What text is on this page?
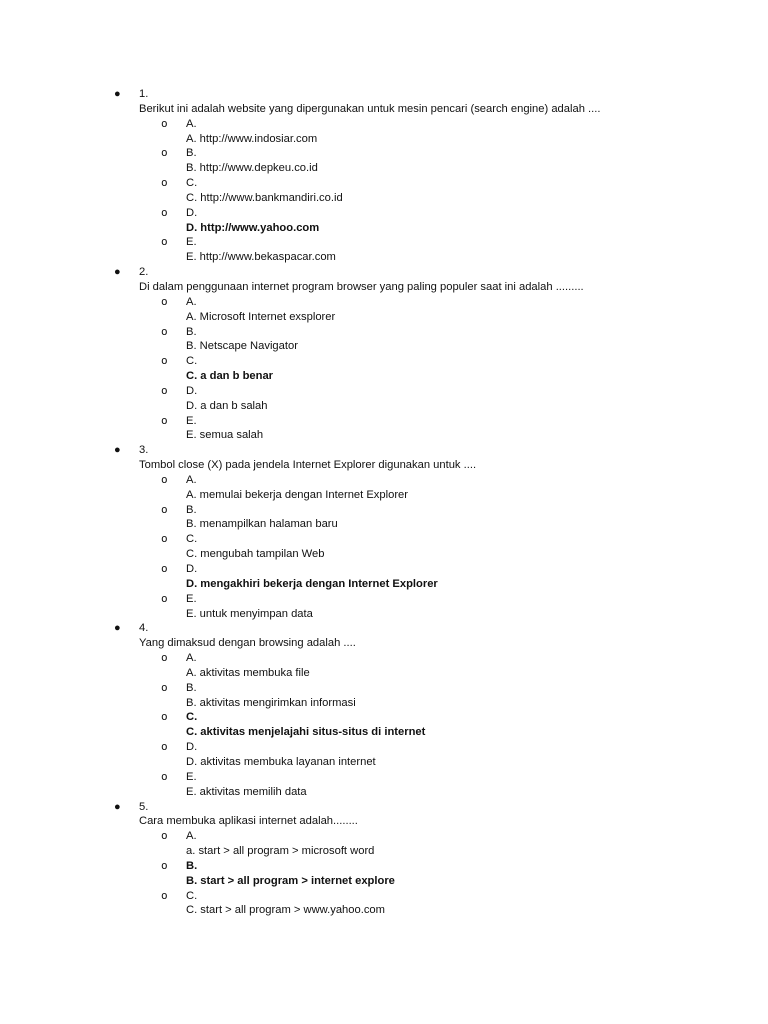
● 1.
Berikut ini adalah website yang dipergunakan untuk mesin pencari (search engine) adalah ....
o A.
A. http://www.indosiar.com
o B.
B. http://www.depkeu.co.id
o C.
C. http://www.bankmandiri.co.id
o D.
D. http://www.yahoo.com
o E.
E. http://www.bekaspacar.com
● 2.
Di dalam penggunaan internet program browser yang paling populer saat ini adalah .........
o A.
A. Microsoft Internet exsplorer
o B.
B. Netscape Navigator
o C.
C. a dan b benar
o D.
D. a dan b salah
o E.
E. semua salah
● 3.
Tombol close (X) pada jendela Internet Explorer digunakan untuk ....
o A.
A. memulai bekerja dengan Internet Explorer
o B.
B. menampilkan halaman baru
o C.
C. mengubah tampilan Web
o D.
D. mengakhiri bekerja dengan Internet Explorer
o E.
E. untuk menyimpan data
● 4.
Yang dimaksud dengan browsing adalah ....
o A.
A. aktivitas membuka file
o B.
B. aktivitas mengirimkan informasi
o C.
C. aktivitas menjelajahi situs-situs di internet
o D.
D. aktivitas membuka layanan internet
o E.
E. aktivitas memilih data
● 5.
Cara membuka aplikasi internet adalah........
o A.
a. start > all program > microsoft word
o B.
B. start > all program > internet explore
o C.
C. start > all program > www.yahoo.com
